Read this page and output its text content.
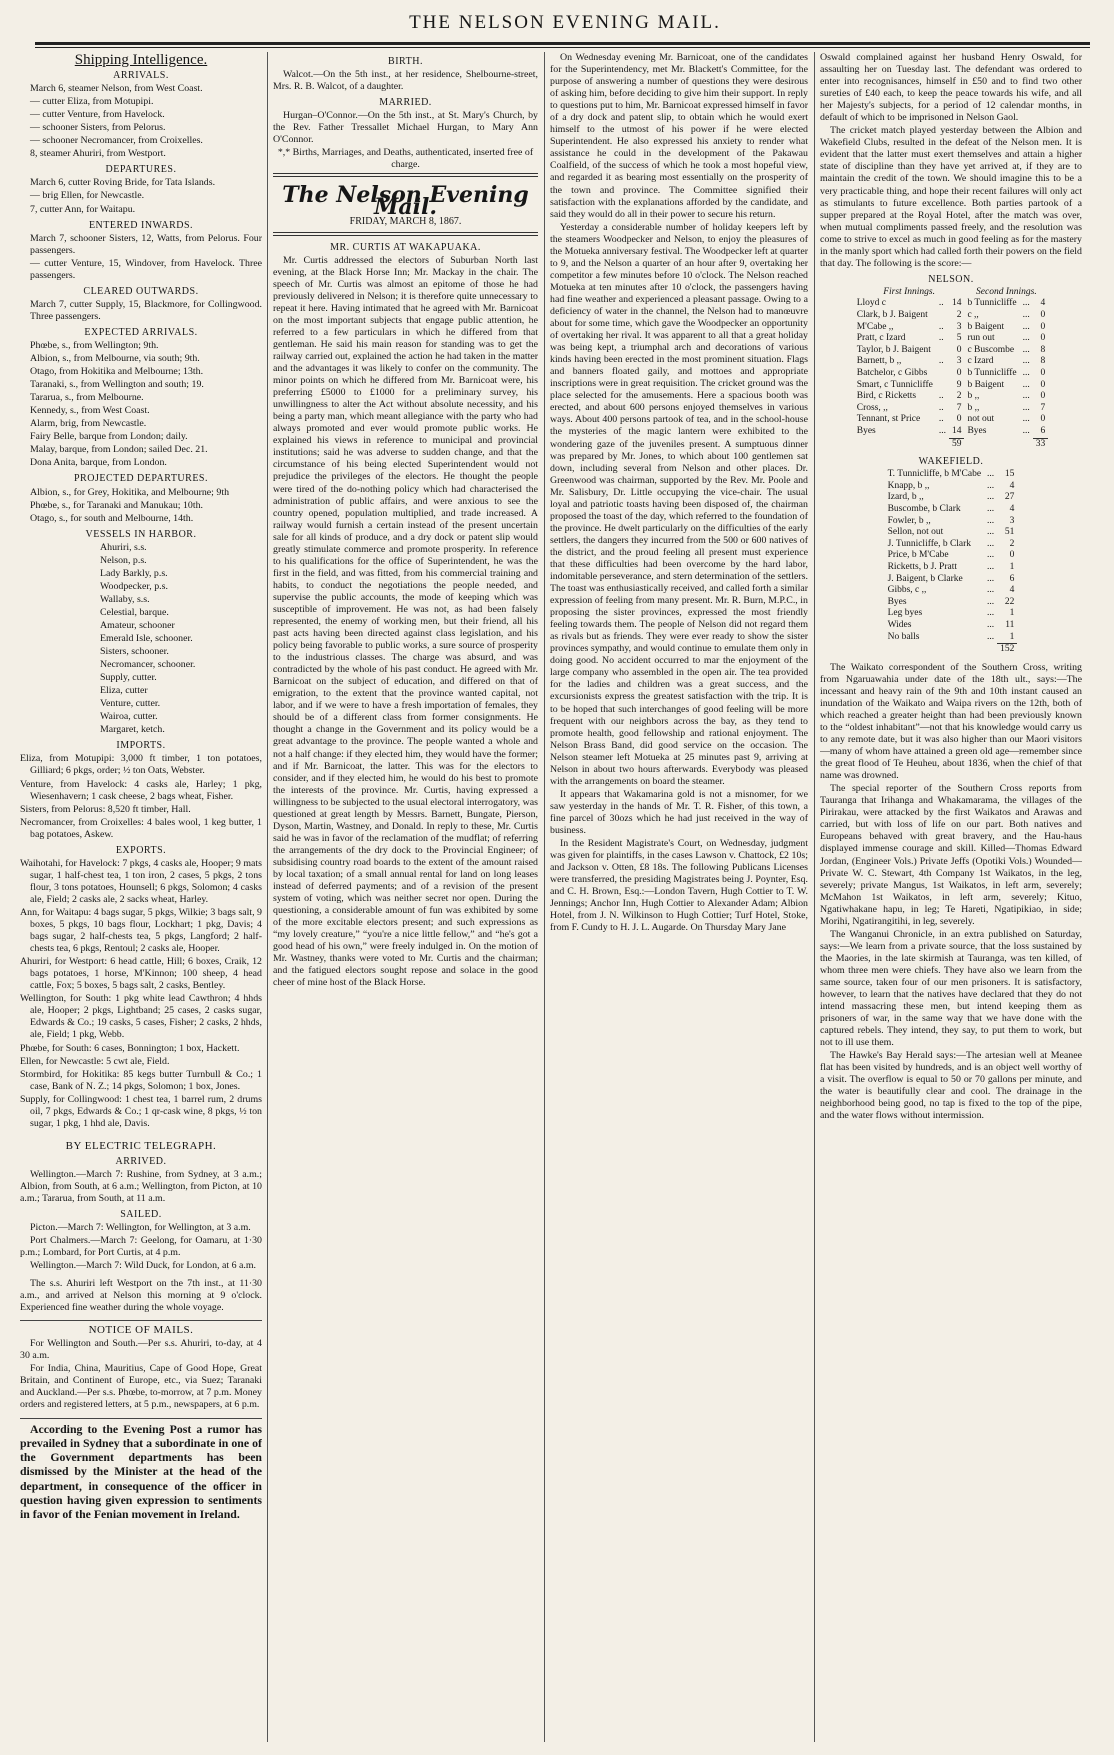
THE NELSON EVENING MAIL.
Shipping Intelligence.
ARRIVALS.

March 6, steamer Nelson, from West Coast.

— cutter Eliza, from Motupipi.

— cutter Venture, from Havelock.

— schooner Sisters, from Pelorus.

— schooner Necromancer, from Croixelles.

8, steamer Ahuriri, from Westport.

DEPARTURES.

March 6, cutter Roving Bride, for Tata Islands.

— brig Ellen, for Newcastle.

7, cutter Ann, for Waitapu.

ENTERED INWARDS.

March 7, schooner Sisters, 12, Watts, from Pelorus. Four passengers.

— cutter Venture, 15, Windover, from Havelock. Three passengers.

CLEARED OUTWARDS.

March 7, cutter Supply, 15, Blackmore, for Collingwood. Three passengers.

EXPECTED ARRIVALS.

Phœbe, s., from Wellington; 9th.

Albion, s., from Melbourne, via south; 9th.

Otago, from Hokitika and Melbourne; 13th.

Taranaki, s., from Wellington and south; 19.

Tararua, s., from Melbourne.

Kennedy, s., from West Coast.

Alarm, brig, from Newcastle.

Fairy Belle, barque from London; daily.

Malay, barque, from London; sailed Dec. 21.

Dona Anita, barque, from London.

PROJECTED DEPARTURES.

Albion, s., for Grey, Hokitika, and Melbourne; 9th

Phœbe, s., for Taranaki and Manukau; 10th.

Otago, s., for south and Melbourne, 14th.

VESSELS IN HARBOR.

Ahuriri, s.s.

Nelson, p.s.

Lady Barkly, p.s.

Woodpecker, p.s.

Wallaby, s.s.

Celestial, barque.

Amateur, schooner

Emerald Isle, schooner.

Sisters, schooner.

Necromancer, schooner.

Supply, cutter.

Eliza, cutter

Venture, cutter.

Wairoa, cutter.

Margaret, ketch.

IMPORTS.

Eliza, from Motupipi: 3,000 ft timber, 1 ton potatoes, Gilliard; 6 pkgs, order; ½ ton Oats, Webster.

Venture, from Havelock: 4 casks ale, Harley; 1 pkg, Wiesenhavern; 1 cask cheese, 2 bags wheat, Fisher.

Sisters, from Pelorus: 8,520 ft timber, Hall.

Necromancer, from Croixelles: 4 bales wool, 1 keg butter, 1 bag potatoes, Askew.

EXPORTS.

Waihotahi, for Havelock: 7 pkgs, 4 casks ale, Hooper; 9 mats sugar, 1 half-chest tea, 1 ton iron, 2 cases, 5 pkgs, 2 tons flour, 3 tons potatoes, Hounsell; 6 pkgs, Solomon; 4 casks ale, Field; 2 casks ale, 2 sacks wheat, Harley.

Ann, for Waitapu: 4 bags sugar, 5 pkgs, Wilkie; 3 bags salt, 9 boxes, 5 pkgs, 10 bags flour, Lockhart; 1 pkg, Davis; 4 bags sugar, 2 half-chests tea, 5 pkgs, Langford; 2 half-chests tea, 6 pkgs, Rentoul; 2 casks ale, Hooper.

Ahuriri, for Westport: 6 head cattle, Hill; 6 boxes, Craik, 12 bags potatoes, 1 horse, M'Kinnon; 100 sheep, 4 head cattle, Fox; 5 boxes, 5 bags salt, 2 casks, Bentley.

Wellington, for South: 1 pkg white lead Cawthron; 4 hhds ale, Hooper; 2 pkgs, Lightband; 25 cases, 2 casks sugar, Edwards & Co.; 19 casks, 5 cases, Fisher; 2 casks, 2 hhds, ale, Field; 1 pkg, Webb.

Phœbe, for South: 6 cases, Bonnington; 1 box, Hackett.

Ellen, for Newcastle: 5 cwt ale, Field.

Stormbird, for Hokitika: 85 kegs butter Turnbull & Co.; 1 case, Bank of N. Z.; 14 pkgs, Solomon; 1 box, Jones.

Supply, for Collingwood: 1 chest tea, 1 barrel rum, 2 drums oil, 7 pkgs, Edwards & Co.; 1 qr-cask wine, 8 pkgs, ½ ton sugar, 1 pkg, 1 hhd ale, Davis.

BY ELECTRIC TELEGRAPH.
ARRIVED.

Wellington.—March 7: Rushine, from Sydney, at 3 a.m.; Albion, from South, at 6 a.m.; Wellington, from Picton, at 10 a.m.; Tararua, from South, at 11 a.m.

SAILED.

Picton.—March 7: Wellington, for Wellington, at 3 a.m.

Port Chalmers.—March 7: Geelong, for Oamaru, at 1·30 p.m.; Lombard, for Port Curtis, at 4 p.m.

Wellington.—March 7: Wild Duck, for London, at 6 a.m.

The s.s. Ahuriri left Westport on the 7th inst., at 11·30 a.m., and arrived at Nelson this morning at 9 o'clock. Experienced fine weather during the whole voyage.

NOTICE OF MAILS.

For Wellington and South.—Per s.s. Ahuriri, to-day, at 4 30 a.m.

For India, China, Mauritius, Cape of Good Hope, Great Britain, and Continent of Europe, etc., via Suez; Taranaki and Auckland.—Per s.s. Phœbe, to-morrow, at 7 p.m. Money orders and registered letters, at 5 p.m., newspapers, at 6 p.m.

According to the Evening Post a rumor has prevailed in Sydney that a subordinate in one of the Government departments has been dismissed by the Minister at the head of the department, in consequence of the officer in question having given expression to sentiments in favor of the Fenian movement in Ireland.

BIRTH.

Walcot.—On the 5th inst., at her residence, Shelbourne-street, Mrs. R. B. Walcot, of a daughter.

MARRIED.

Hurgan–O'Connor.—On the 5th inst., at St. Mary's Church, by the Rev. Father Tressallet Michael Hurgan, to Mary Ann O'Connor.

*,* Births, Marriages, and Deaths, authenticated, inserted free of charge.

The Nelson Evening Mail.
FRIDAY, MARCH 8, 1867.
MR. CURTIS AT WAKAPUAKA.

Mr. Curtis addressed the electors of Suburban North last evening, at the Black Horse Inn; Mr. Mackay in the chair. The speech of Mr. Curtis was almost an epitome of those he had previously delivered in Nelson; it is therefore quite unnecessary to repeat it here. Having intimated that he agreed with Mr. Barnicoat on the most important subjects that engage public attention, he referred to a few particulars in which he differed from that gentleman. He said his main reason for standing was to get the railway carried out, explained the action he had taken in the matter and the advantages it was likely to confer on the community. The minor points on which he differed from Mr. Barnicoat were, his preferring £5000 to £1000 for a preliminary survey, his unwillingness to alter the Act without absolute necessity, and his being a party man, which meant allegiance with the party who had always promoted and ever would promote public works. He explained his views in reference to municipal and provincial institutions; said he was adverse to sudden change, and that the circumstance of his being elected Superintendent would not prejudice the privileges of the electors. He thought the people were tired of the do-nothing policy which had characterised the administration of public affairs, and were anxious to see the country opened, population multiplied, and trade increased. A railway would furnish a certain instead of the present uncertain sale for all kinds of produce, and a dry dock or patent slip would greatly stimulate commerce and promote prosperity. In reference to his qualifications for the office of Superintendent, he was the first in the field, and was fitted, from his commercial training and habits, to conduct the negotiations the people needed, and supervise the public accounts, the mode of keeping which was susceptible of improvement. He was not, as had been falsely represented, the enemy of working men, but their friend, all his past acts having been directed against class legislation, and his policy being favorable to public works, a sure source of prosperity to the industrious classes. The charge was absurd, and was contradicted by the whole of his past conduct. He agreed with Mr. Barnicoat on the subject of education, and differed on that of emigration, to the extent that the province wanted capital, not labor, and if we were to have a fresh importation of females, they should be of a different class from former consignments. He thought a change in the Government and its policy would be a great advantage to the province. The people wanted a whole and not a half change: if they elected him, they would have the former; and if Mr. Barnicoat, the latter. This was for the electors to consider, and if they elected him, he would do his best to promote the interests of the province. Mr. Curtis, having expressed a willingness to be subjected to the usual electoral interrogatory, was questioned at great length by Messrs. Barnett, Bungate, Pierson, Dyson, Martin, Wastney, and Donald. In reply to these, Mr. Curtis said he was in favor of the reclamation of the mudflat; of referring the arrangements of the dry dock to the Provincial Engineer; of subsidising country road boards to the extent of the amount raised by local taxation; of a small annual rental for land on long leases instead of deferred payments; and of a revision of the present system of voting, which was neither secret nor open. During the questioning, a considerable amount of fun was exhibited by some of the more excitable electors present; and such expressions as “my lovely creature,” “you're a nice little fellow,” and “he's got a good head of his own,” were freely indulged in. On the motion of Mr. Wastney, thanks were voted to Mr. Curtis and the chairman; and the fatigued electors sought repose and solace in the good cheer of mine host of the Black Horse.

On Wednesday evening Mr. Barnicoat, one of the candidates for the Superintendency, met Mr. Blackett's Committee, for the purpose of answering a number of questions they were desirous of asking him, before deciding to give him their support. In reply to questions put to him, Mr. Barnicoat expressed himself in favor of a dry dock and patent slip, to obtain which he would exert himself to the utmost of his power if he were elected Superintendent. He also expressed his anxiety to render what assistance he could in the development of the Pakawau Coalfield, of the success of which he took a most hopeful view, and regarded it as bearing most essentially on the prosperity of the town and province. The Committee signified their satisfaction with the explanations afforded by the candidate, and said they would do all in their power to secure his return.

Yesterday a considerable number of holiday keepers left by the steamers Woodpecker and Nelson, to enjoy the pleasures of the Motueka anniversary festival. The Woodpecker left at quarter to 9, and the Nelson a quarter of an hour after 9, overtaking her competitor a few minutes before 10 o'clock. The Nelson reached Motueka at ten minutes after 10 o'clock, the passengers having had fine weather and experienced a pleasant passage. Owing to a deficiency of water in the channel, the Nelson had to manœuvre about for some time, which gave the Woodpecker an opportunity of overtaking her rival. It was apparent to all that a great holiday was being kept, a triumphal arch and decorations of various kinds having been erected in the most prominent situation. Flags and banners floated gaily, and mottoes and appropriate inscriptions were in great requisition. The cricket ground was the place selected for the amusements. Here a spacious booth was erected, and about 600 persons enjoyed themselves in various ways. About 400 persons partook of tea, and in the school-house the mysteries of the magic lantern were exhibited to the wondering gaze of the juveniles present. A sumptuous dinner was prepared by Mr. Jones, to which about 100 gentlemen sat down, including several from Nelson and other places. Dr. Greenwood was chairman, supported by the Rev. Mr. Poole and Mr. Salisbury, Dr. Little occupying the vice-chair. The usual loyal and patriotic toasts having been disposed of, the chairman proposed the toast of the day, which referred to the foundation of the province. He dwelt particularly on the difficulties of the early settlers, the dangers they incurred from the 500 or 600 natives of the district, and the proud feeling all present must experience that these difficulties had been overcome by the hard labor, indomitable perseverance, and stern determination of the settlers. The toast was enthusiastically received, and called forth a similar expression of feeling from many present. Mr. R. Burn, M.P.C., in proposing the sister provinces, expressed the most friendly feeling towards them. The people of Nelson did not regard them as rivals but as friends. They were ever ready to show the sister provinces sympathy, and would continue to emulate them only in doing good. No accident occurred to mar the enjoyment of the large company who assembled in the open air. The tea provided for the ladies and children was a great success, and the excursionists express the greatest satisfaction with the trip. It is to be hoped that such interchanges of good feeling will be more frequent with our neighbors across the bay, as they tend to promote health, good fellowship and rational enjoyment. The Nelson Brass Band, did good service on the occasion. The Nelson steamer left Motueka at 25 minutes past 9, arriving at Nelson in about two hours afterwards. Everybody was pleased with the arrangements on board the steamer.

It appears that Wakamarina gold is not a misnomer, for we saw yesterday in the hands of Mr. T. R. Fisher, of this town, a fine parcel of 30ozs which he had just received in the way of business.

In the Resident Magistrate's Court, on Wednesday, judgment was given for plaintiffs, in the cases Lawson v. Chattock, £2 10s; and Jackson v. Otten, £8 18s. The following Publicans Licenses were transferred, the presiding Magistrates being J. Poynter, Esq. and C. H. Brown, Esq.:—London Tavern, Hugh Cottier to T. W. Jennings; Anchor Inn, Hugh Cottier to Alexander Adam; Albion Hotel, from J. N. Wilkinson to Hugh Cottier; Turf Hotel, Stoke, from F. Cundy to H. J. L. Augarde. On Thursday Mary Jane

Oswald complained against her husband Henry Oswald, for assaulting her on Tuesday last. The defendant was ordered to enter into recognisances, himself in £50 and to find two other sureties of £40 each, to keep the peace towards his wife, and all her Majesty's subjects, for a period of 12 calendar months, in default of which to be imprisoned in Nelson Gaol.

The cricket match played yesterday between the Albion and Wakefield Clubs, resulted in the defeat of the Nelson men. It is evident that the latter must exert themselves and attain a higher state of discipline than they have yet arrived at, if they are to maintain the credit of the town. We should imagine this to be a very practicable thing, and hope their recent failures will only act as stimulants to future excellence. Both parties partook of a supper prepared at the Royal Hotel, after the match was over, when mutual compliments passed freely, and the resolution was come to strive to excel as much in good feeling as for the mastery in the manly sport which had called forth their powers on the field that day. The following is the score:—

NELSON.
First Innings.			Second Innings.		
Lloyd c	..	14	b Tunnicliffe	...	4
Clark, b J. Baigent		2	c ,,	...	0
M'Cabe ,,	..	3	b Baigent	...	0
Pratt, c Izard	..	5	run out	...	0
Taylor, b J. Baigent		0	c Buscombe	...	8
Barnett, b ,,	..	3	c Izard	...	8
Batchelor, c Gibbs		0	b Tunnicliffe	...	0
Smart, c Tunnicliffe		9	b Baigent	...	0
Bird, c Ricketts	..	2	b ,,	...	0
Cross, ,,	..	7	b ,,	...	7
Tennant, st Price	..	0	not out	...	0
Byes	...	14	Byes	...	6
		59			33
WAKEFIELD.
T. Tunnicliffe, b M'Cabe	...	15
Knapp, b ,,	...	4
Izard, b ,,	...	27
Buscombe, b Clark	...	4
Fowler, b ,,	...	3
Sellon, not out	...	51
J. Tunnicliffe, b Clark	...	2
Price, b M'Cabe	...	0
Ricketts, b J. Pratt	...	1
J. Baigent, b Clarke	...	6
Gibbs, c ,,	...	4
Byes	...	22
Leg byes	...	1
Wides	...	11
No balls	...	1
		152

The Waikato correspondent of the Southern Cross, writing from Ngaruawahia under date of the 18th ult., says:—The incessant and heavy rain of the 9th and 10th instant caused an inundation of the Waikato and Waipa rivers on the 12th, both of which reached a greater height than had been previously known to the “oldest inhabitant”—not that his knowledge would carry us to any remote date, but it was also higher than our Maori visitors—many of whom have attained a green old age—remember since the great flood of Te Heuheu, about 1836, when the chief of that name was drowned.

The special reporter of the Southern Cross reports from Tauranga that Irihanga and Whakamarama, the villages of the Pirirakau, were attacked by the first Waikatos and Arawas and carried, but with loss of life on our part. Both natives and Europeans behaved with great bravery, and the Hau-haus displayed immense courage and skill. Killed—Thomas Edward Jordan, (Engineer Vols.) Private Jeffs (Opotiki Vols.) Wounded—Private W. C. Stewart, 4th Company 1st Waikatos, in the leg, severely; private Mangus, 1st Waikatos, in left arm, severely; McMahon 1st Waikatos, in left arm, severely; Kituo, Ngatiwhakane hapu, in leg; Te Hareti, Ngatipikiao, in side; Morihi, Ngatirangitihi, in leg, severely.

The Wanganui Chronicle, in an extra published on Saturday, says:—We learn from a private source, that the loss sustained by the Maories, in the late skirmish at Tauranga, was ten killed, of whom three men were chiefs. They have also we learn from the same source, taken four of our men prisoners. It is satisfactory, however, to learn that the natives have declared that they do not intend massacring these men, but intend keeping them as prisoners of war, in the same way that we have done with the captured rebels. They intend, they say, to put them to work, but not to ill use them.

The Hawke's Bay Herald says:—The artesian well at Meanee flat has been visited by hundreds, and is an object well worthy of a visit. The overflow is equal to 50 or 70 gallons per minute, and the water is beautifully clear and cool. The drainage in the neighborhood being good, no tap is fixed to the top of the pipe, and the water flows without intermission.
